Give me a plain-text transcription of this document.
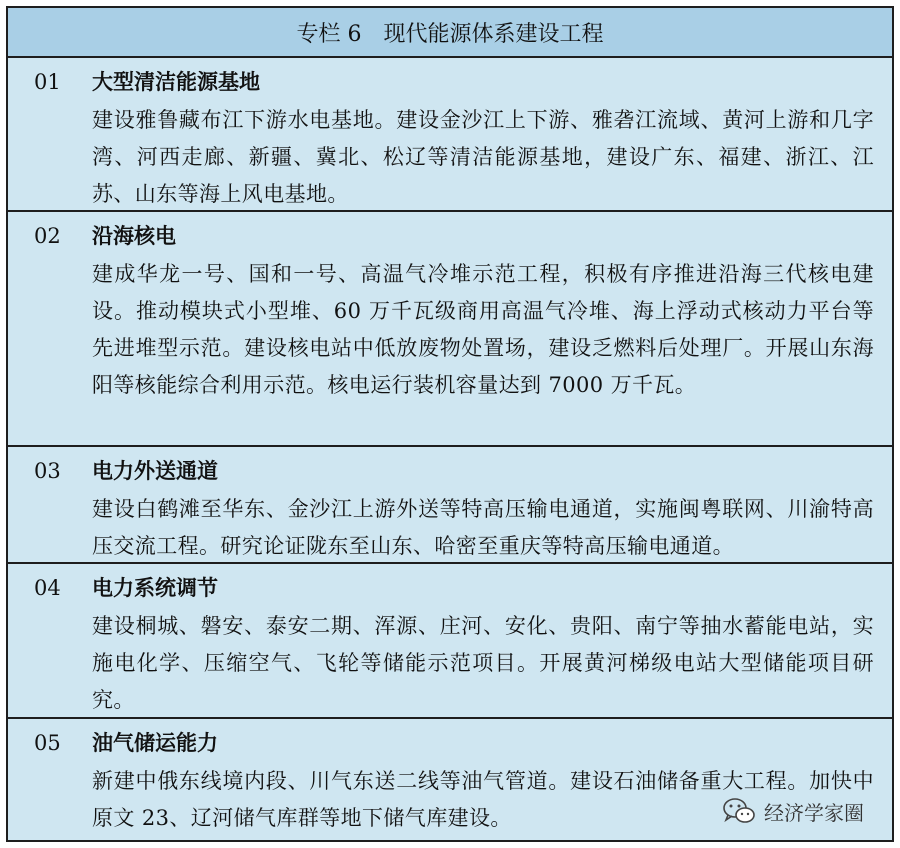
专栏 6　现代能源体系建设工程
01	大型清洁能源基地
建设雅鲁藏布江下游水电基地。建设金沙江上下游、雅砻江流域、黄河上游和几字湾、河西走廊、新疆、冀北、松辽等清洁能源基地，建设广东、福建、浙江、江苏、山东等海上风电基地。
02	沿海核电
建成华龙一号、国和一号、高温气冷堆示范工程，积极有序推进沿海三代核电建设。推动模块式小型堆、60 万千瓦级商用高温气冷堆、海上浮动式核动力平台等先进堆型示范。建设核电站中低放废物处置场，建设乏燃料后处理厂。开展山东海阳等核能综合利用示范。核电运行装机容量达到 7000 万千瓦。
03	电力外送通道
建设白鹤滩至华东、金沙江上游外送等特高压输电通道，实施闽粤联网、川渝特高压交流工程。研究论证陇东至山东、哈密至重庆等特高压输电通道。
04	电力系统调节
建设桐城、磐安、泰安二期、浑源、庄河、安化、贵阳、南宁等抽水蓄能电站，实施电化学、压缩空气、飞轮等储能示范项目。开展黄河梯级电站大型储能项目研究。
05	油气储运能力
新建中俄东线境内段、川气东送二线等油气管道。建设石油储备重大工程。加快中原文 23、辽河储气库群等地下储气库建设。	经济学家圈
